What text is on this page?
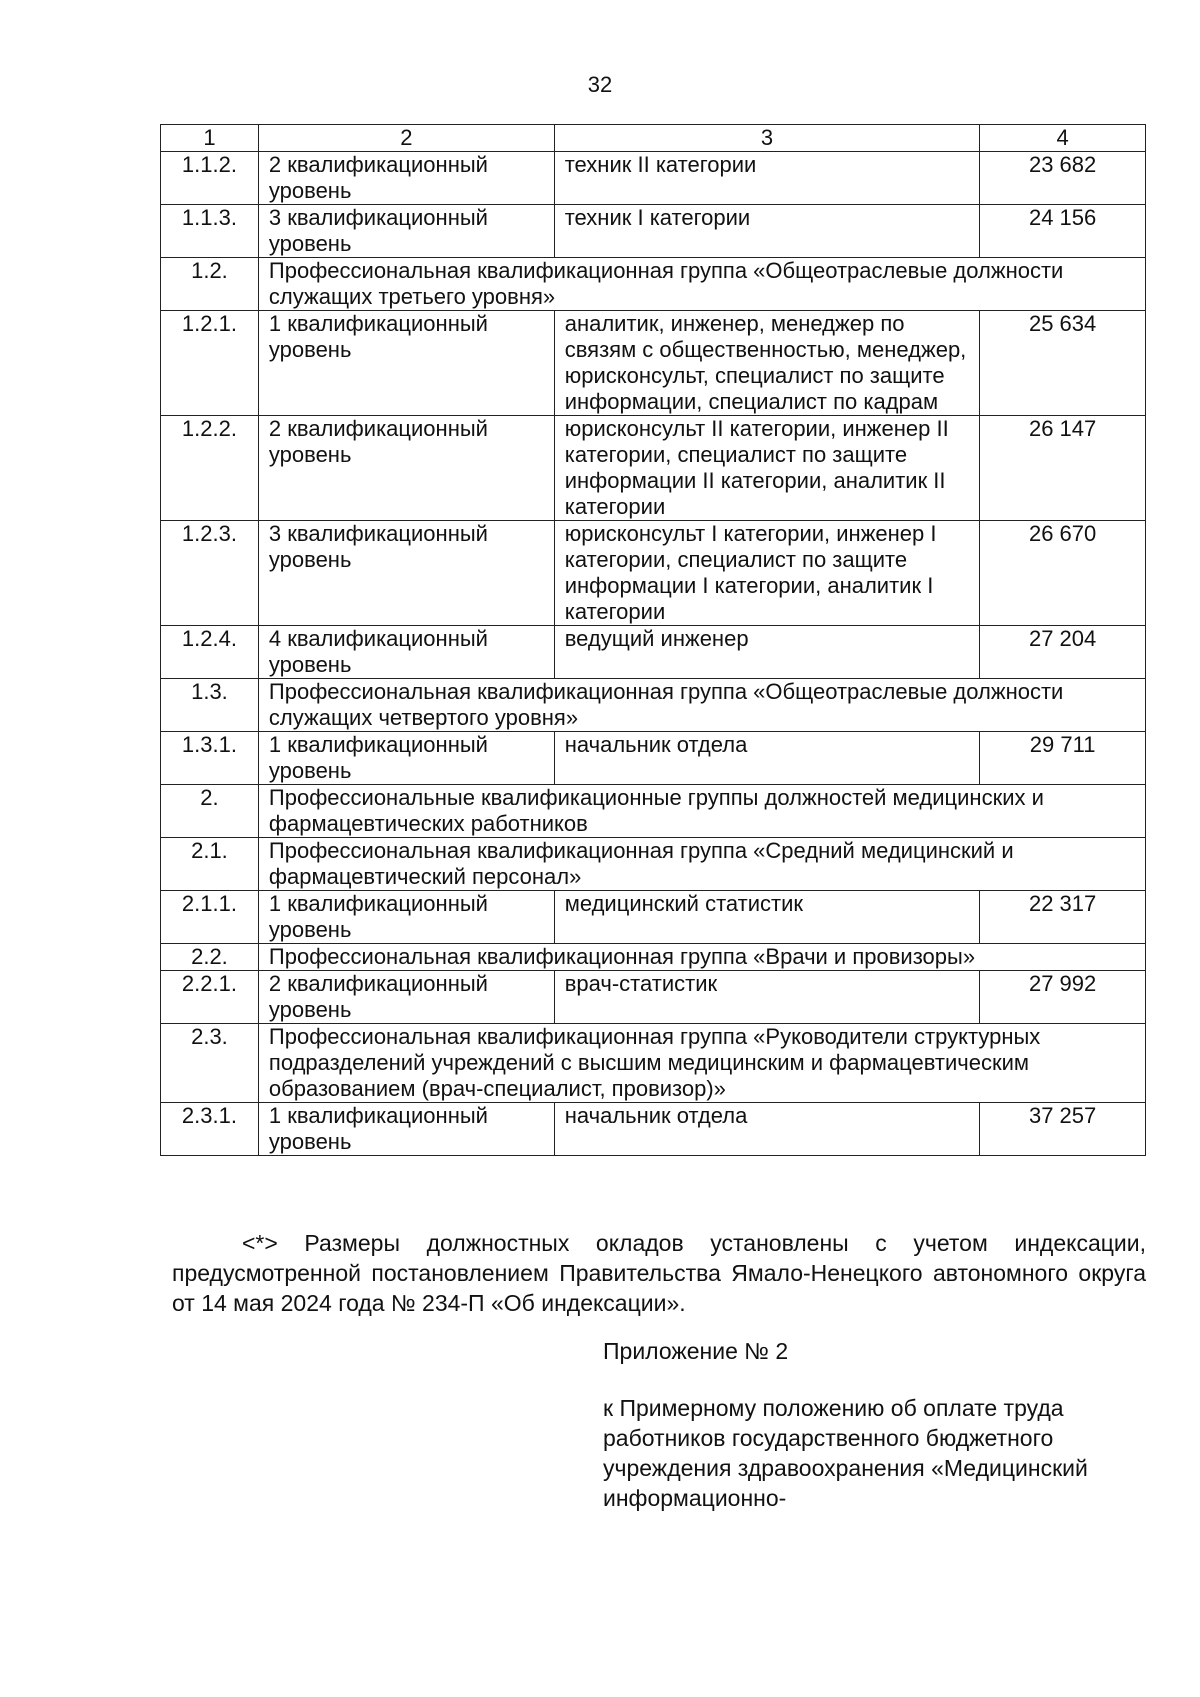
32
1	2	3	4
1.1.2.	2 квалификационный уровень	техник II категории	23 682
1.1.3.	3 квалификационный уровень	техник I категории	24 156
1.2.	Профессиональная квалификационная группа «Общеотраслевые должности служащих третьего уровня»		
1.2.1.	1 квалификационный уровень	аналитик, инженер, менеджер по связям с общественностью, менеджер, юрисконсульт, специалист по защите информации, специалист по кадрам	25 634
1.2.2.	2 квалификационный уровень	юрисконсульт II категории, инженер II категории, специалист по защите информации II категории, аналитик II категории	26 147
1.2.3.	3 квалификационный уровень	юрисконсульт I категории, инженер I категории, специалист по защите информации I категории, аналитик I категории	26 670
1.2.4.	4 квалификационный уровень	ведущий инженер	27 204
1.3.	Профессиональная квалификационная группа «Общеотраслевые должности служащих четвертого уровня»		
1.3.1.	1 квалификационный уровень	начальник отдела	29 711
2.	Профессиональные квалификационные группы должностей медицинских и фармацевтических работников		
2.1.	Профессиональная квалификационная группа «Средний медицинский и фармацевтический персонал»		
2.1.1.	1 квалификационный уровень	медицинский статистик	22 317
2.2.	Профессиональная квалификационная группа «Врачи и провизоры»		
2.2.1.	2 квалификационный уровень	врач-статистик	27 992
2.3.	Профессиональная квалификационная группа «Руководители структурных подразделений учреждений с высшим медицинским и фармацевтическим образованием (врач-специалист, провизор)»		
2.3.1.	1 квалификационный уровень	начальник отдела	37 257
<*> Размеры должностных окладов установлены с учетом индексации, предусмотренной постановлением Правительства Ямало-Ненецкого автономного округа от 14 мая 2024 года № 234-П «Об индексации».
Приложение № 2
к Примерному положению об оплате труда работников государственного бюджетного учреждения здравоохранения «Медицинский информационно-
